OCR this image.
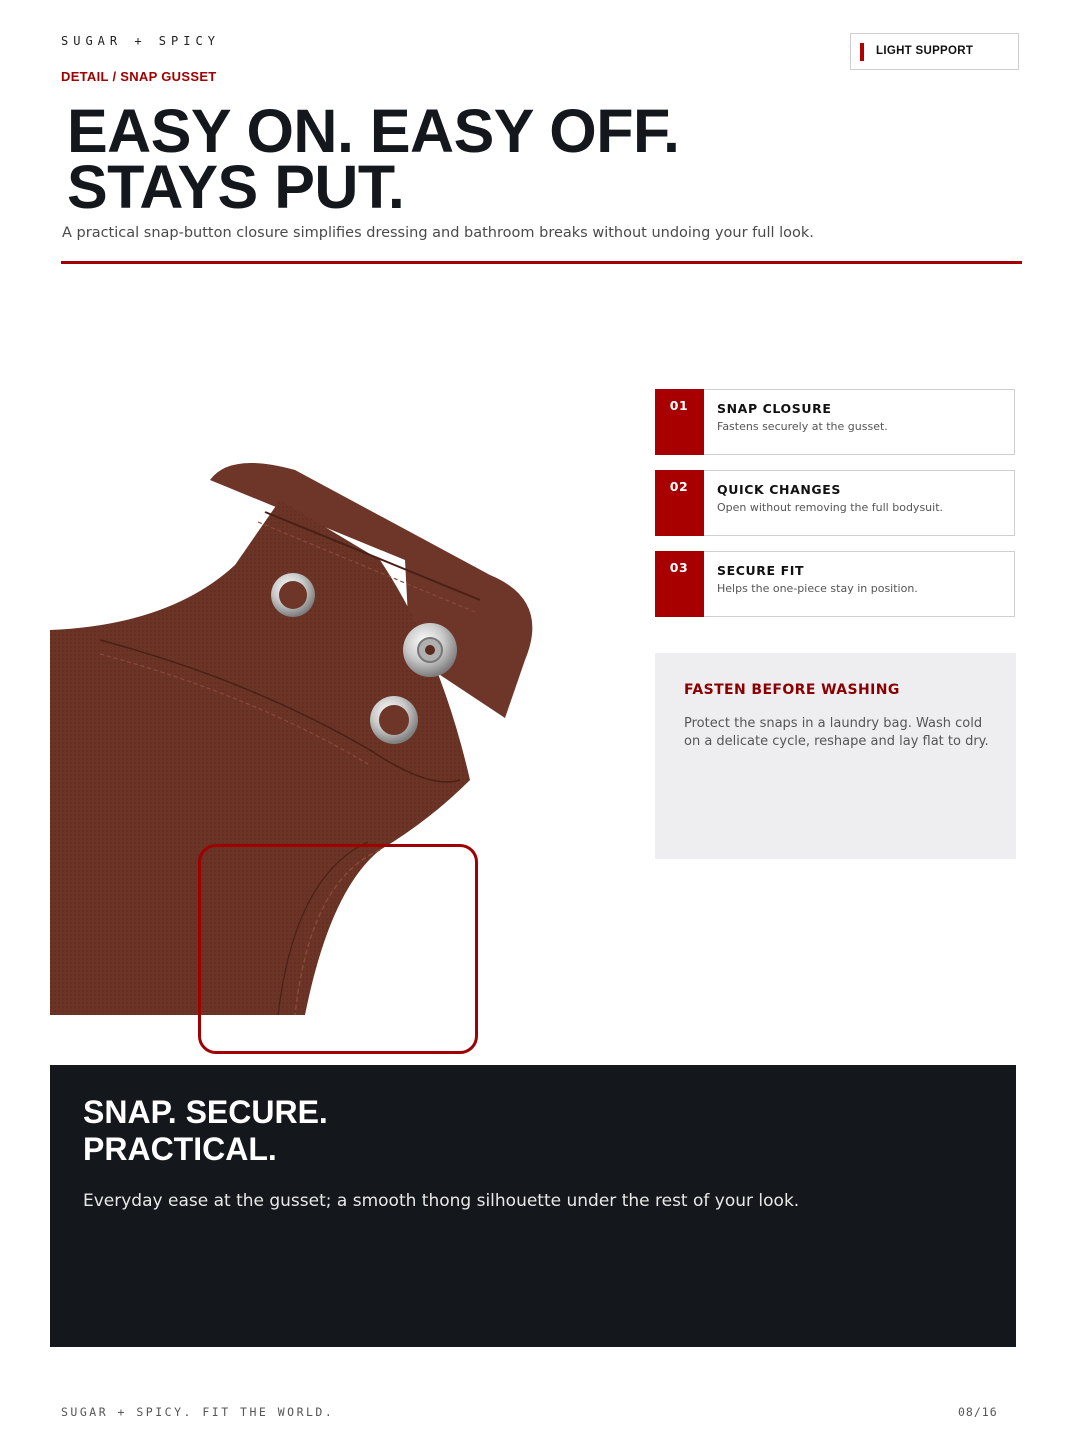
SUGAR + SPICY
DETAIL / SNAP GUSSET
LIGHT SUPPORT
EASY ON. EASY OFF.
STAYS PUT.

A practical snap-button closure simplifies dressing and bathroom breaks without undoing your full look.

01	SNAP CLOSURE
Fastens securely at the gusset.
02	QUICK CHANGES
Open without removing the full bodysuit.
03	SECURE FIT
Helps the one-piece stay in position.
FASTEN BEFORE WASHING

Protect the snaps in a laundry bag. Wash cold on a delicate cycle, reshape and lay flat to dry.

SNAP. SECURE.
PRACTICAL.

Everyday ease at the gusset; a smooth thong silhouette under the rest of your look.

SUGAR + SPICY. FIT THE WORLD.	08/16
